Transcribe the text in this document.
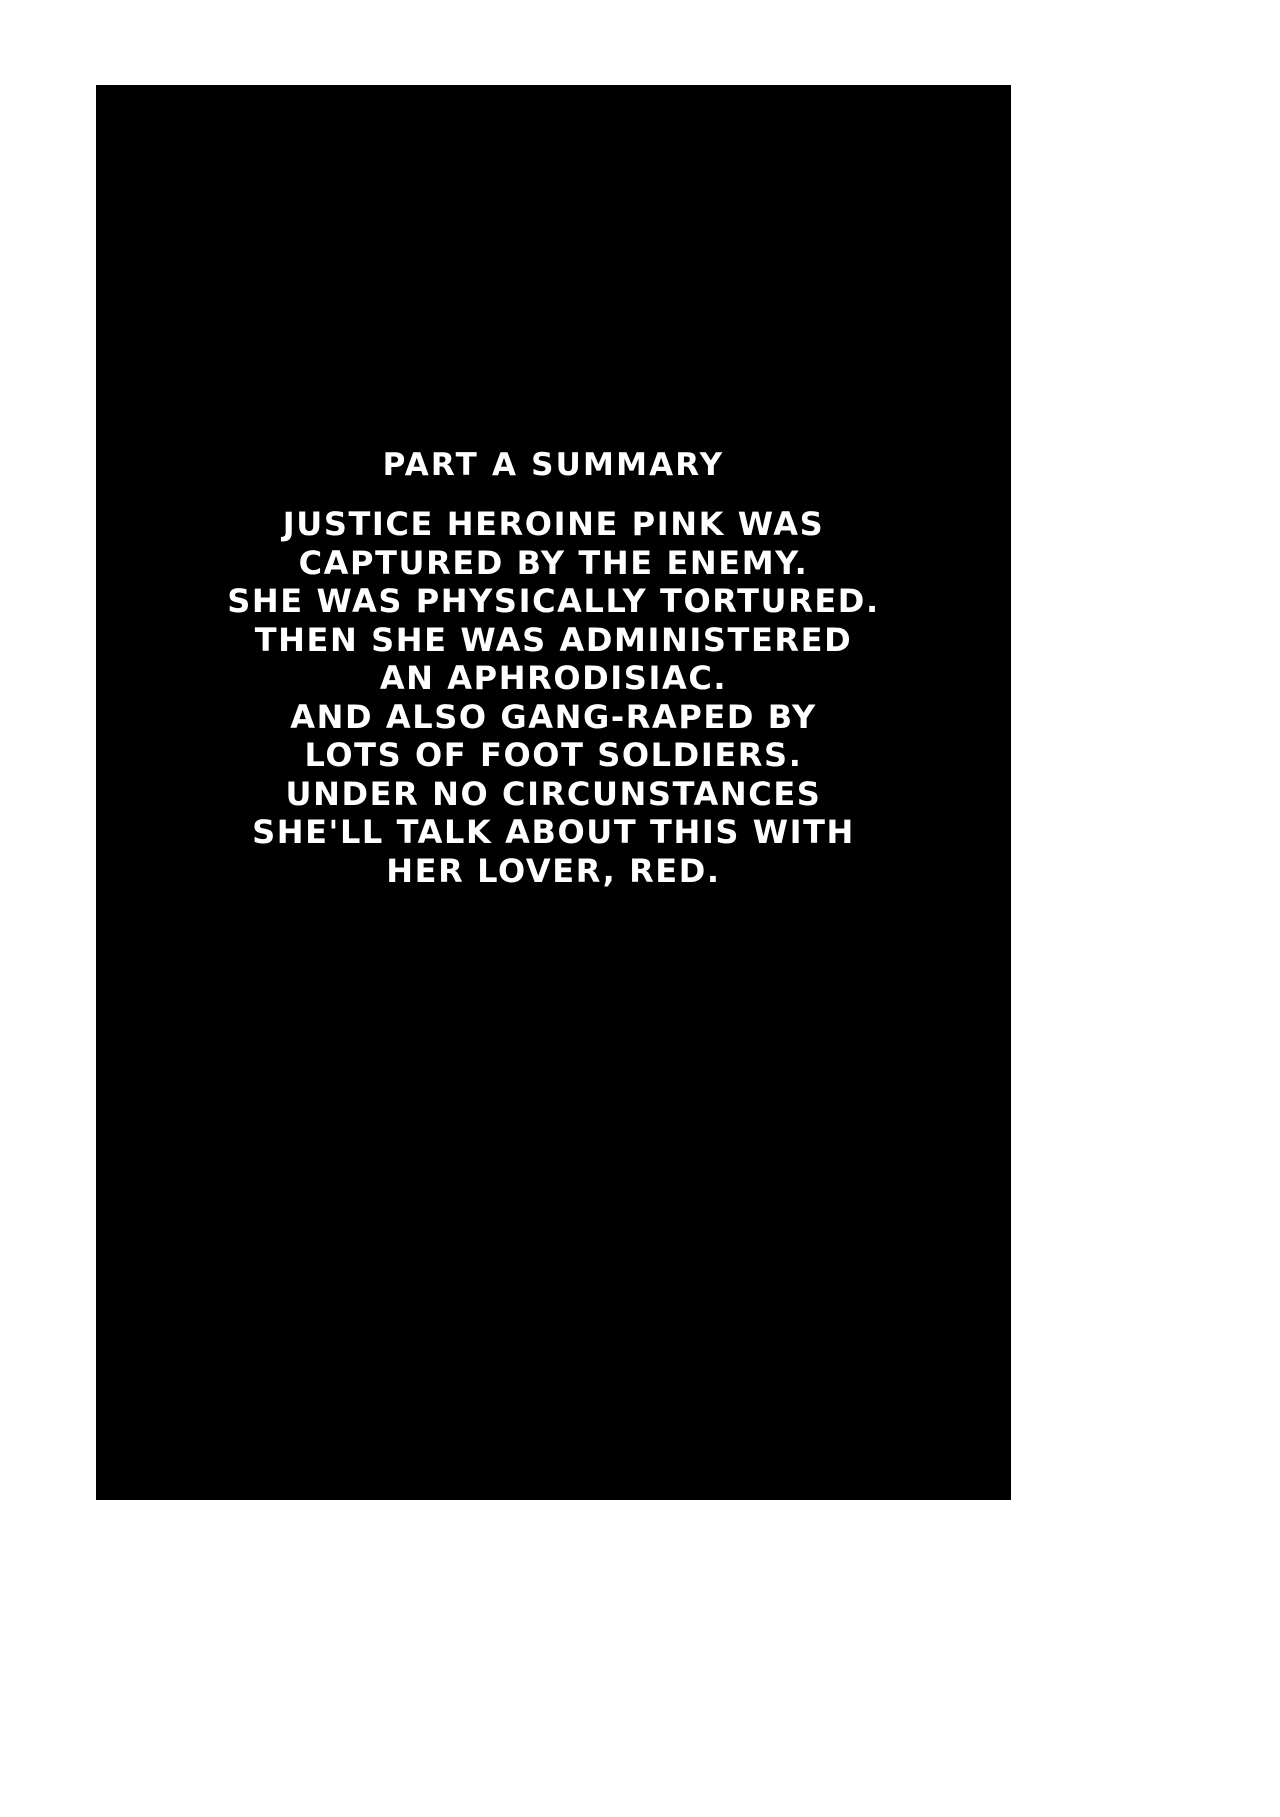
PART A SUMMARY
JUSTICE HEROINE PINK WAS
CAPTURED BY THE ENEMY.
SHE WAS PHYSICALLY TORTURED.
THEN SHE WAS ADMINISTERED
AN APHRODISIAC.
AND ALSO GANG-RAPED BY
LOTS OF FOOT SOLDIERS.
UNDER NO CIRCUNSTANCES
SHE'LL TALK ABOUT THIS WITH
HER LOVER, RED.
